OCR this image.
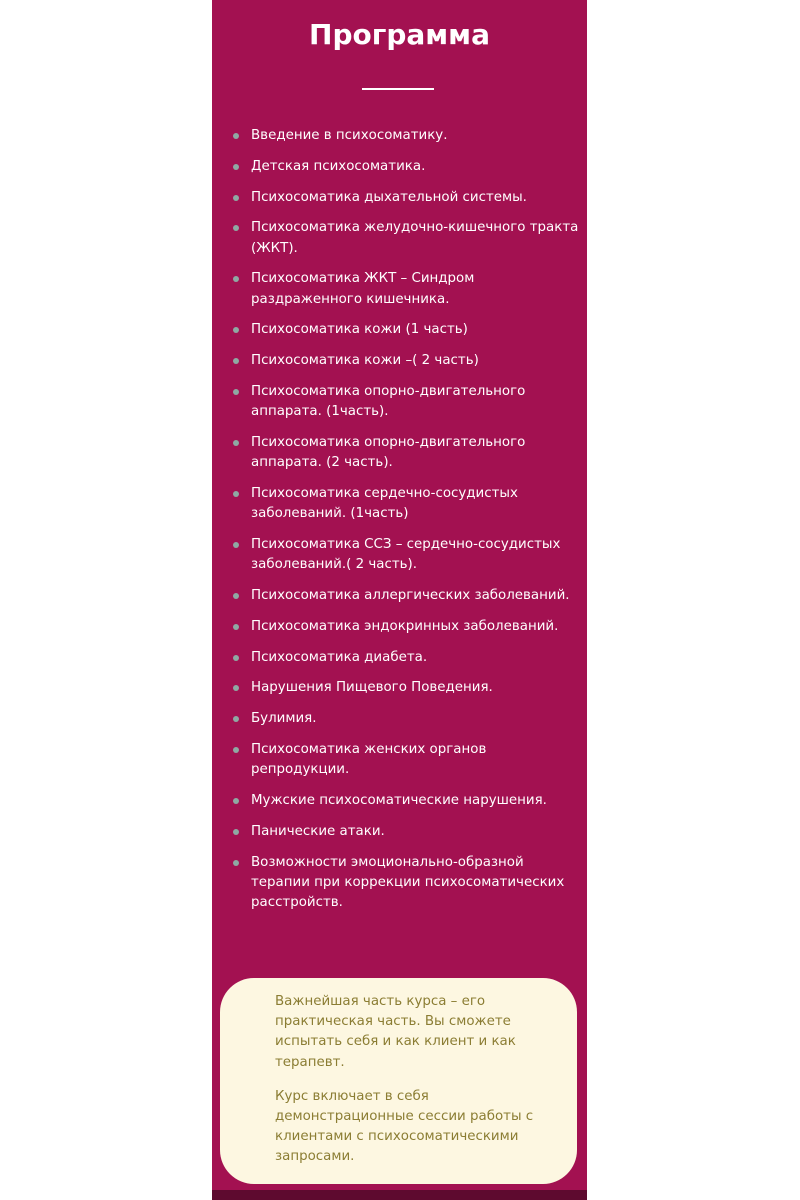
Программа
Введение в психосоматику.
Детская психосоматика.
Психосоматика дыхательной системы.
Психосоматика желудочно-кишечного тракта (ЖКТ).
Психосоматика ЖКТ – Синдром раздраженного кишечника.
Психосоматика кожи (1 часть)
Психосоматика кожи –( 2 часть)
Психосоматика опорно-двигательного аппарата. (1часть).
Психосоматика опорно-двигательного аппарата. (2 часть).
Психосоматика сердечно-сосудистых заболеваний. (1часть)
Психосоматика ССЗ – сердечно-сосудистых заболеваний.( 2 часть).
Психосоматика аллергических заболеваний.
Психосоматика эндокринных заболеваний.
Психосоматика диабета.
Нарушения Пищевого Поведения.
Булимия.
Психосоматика женских органов репродукции.
Мужские психосоматические нарушения.
Панические атаки.
Возможности эмоционально-образной терапии при коррекции психосоматических расстройств.

Важнейшая часть курса – его практическая часть. Вы сможете испытать себя и как клиент и как терапевт.

Курс включает в себя демонстрационные сессии работы с клиентами с психосоматическими запросами.
